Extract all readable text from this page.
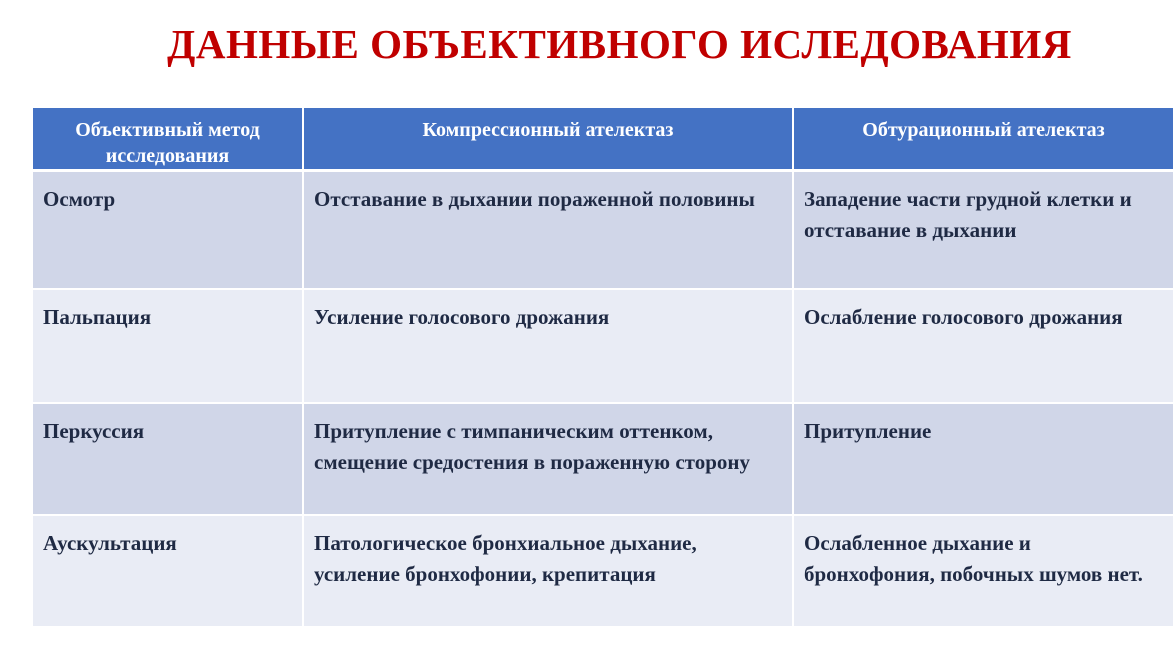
ДАННЫЕ ОБЪЕКТИВНОГО ИСЛЕДОВАНИЯ
Объективный метод исследования	Компрессионный ателектаз	Обтурационный ателектаз
Осмотр	Отставание в дыхании пораженной половины	Западение части грудной клетки и отставание в дыхании
Пальпация	Усиление голосового дрожания	Ослабление голосового дрожания
Перкуссия	Притупление с тимпаническим оттенком, смещение средостения в пораженную сторону	Притупление
Аускультация	Патологическое бронхиальное дыхание, усиление бронхофонии, крепитация	Ослабленное дыхание и бронхофония, побочных шумов нет.
